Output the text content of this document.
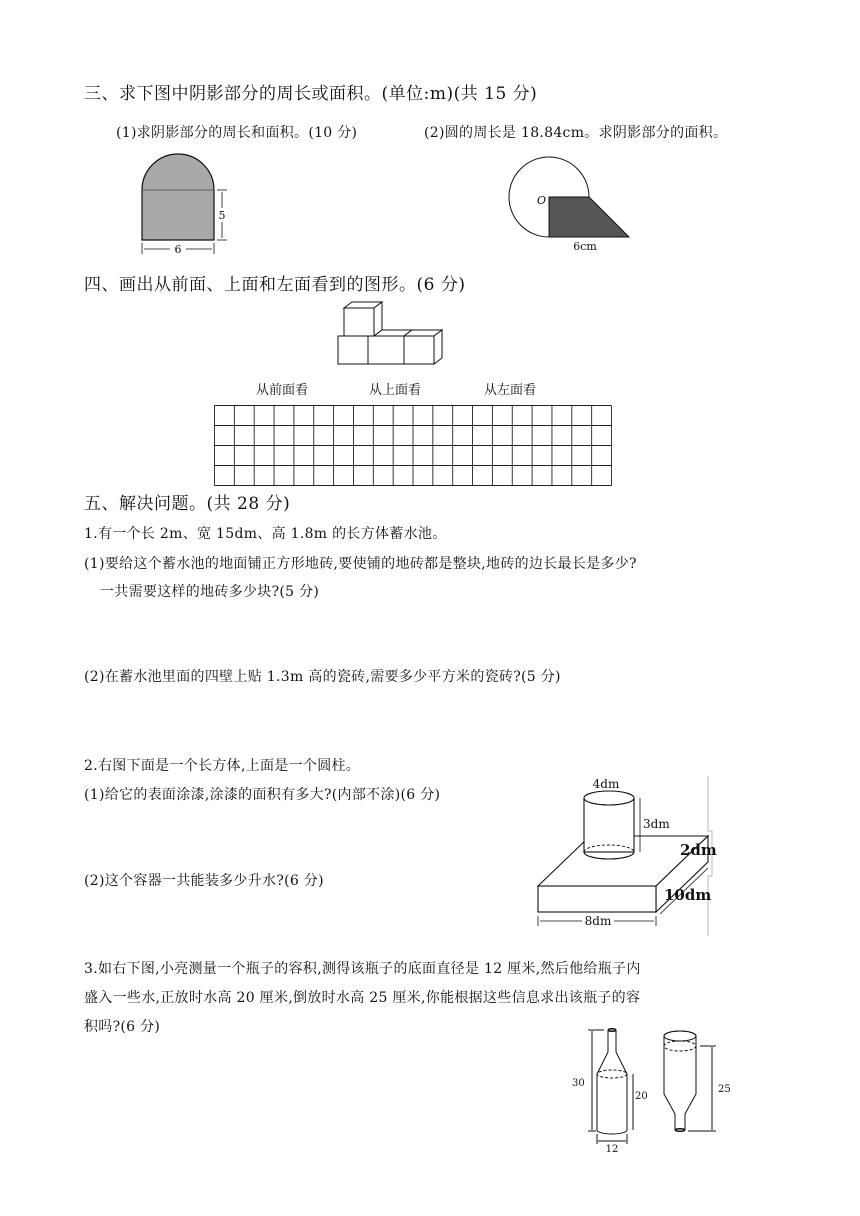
三、求下图中阴影部分的周长或面积。(单位:m)(共 15 分)
(1)求阴影部分的周长和面积。(10 分)	(2)圆的周长是 18.84cm。求阴影部分的面积。
6
5
O
6cm
四、画出从前面、上面和左面看到的图形。(6 分)
从前面看	从上面看	从左面看
五、解决问题。(共 28 分)
1.有一个长 2m、宽 15dm、高 1.8m 的长方体蓄水池。
(1)要给这个蓄水池的地面铺正方形地砖,要使铺的地砖都是整块,地砖的边长最长是多少?
一共需要这样的地砖多少块?(5 分)
(2)在蓄水池里面的四壁上贴 1.3m 高的瓷砖,需要多少平方米的瓷砖?(5 分)
2.右图下面是一个长方体,上面是一个圆柱。
(1)给它的表面涂漆,涂漆的面积有多大?(内部不涂)(6 分)
(2)这个容器一共能装多少升水?(6 分)
4dm
3dm
2dm
10dm
8dm
3.如右下图,小亮测量一个瓶子的容积,测得该瓶子的底面直径是 12 厘米,然后他给瓶子内
盛入一些水,正放时水高 20 厘米,倒放时水高 25 厘米,你能根据这些信息求出该瓶子的容
积吗?(6 分)
30
20
12
25
